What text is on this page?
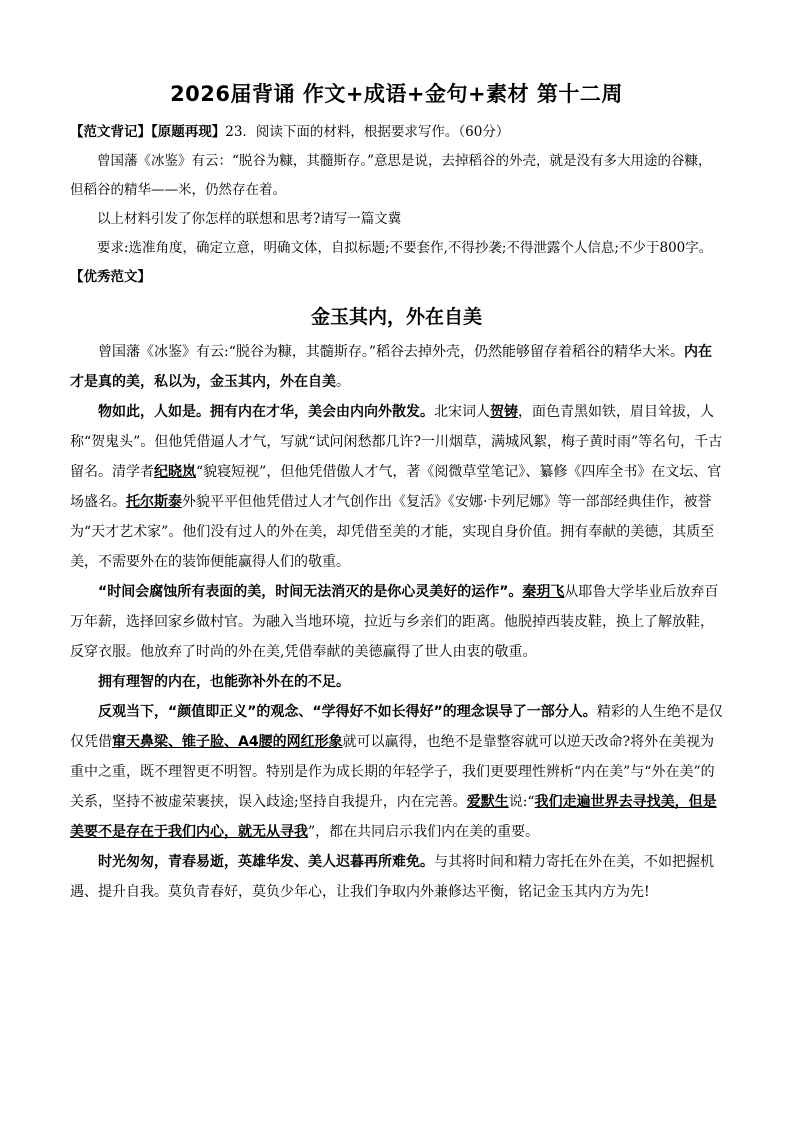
2026届背诵 作文+成语+金句+素材 第十二周

【范文背记】【原题再现】23．阅读下面的材料，根据要求写作。（60分）

曾国藩《冰鉴》有云：“脱谷为糠，其髓斯存。”意思是说，去掉稻谷的外壳，就是没有多大用途的谷糠，但稻谷的精华——米，仍然存在着。

以上材料引发了你怎样的联想和思考?请写一篇文冀

要求:选准角度，确定立意，明确文体，自拟标题;不要套作,不得抄袭;不得泄露个人信息;不少于800字。

【优秀范文】

金玉其内，外在自美

曾国藩《冰鉴》有云:“脱谷为糠，其髓斯存。”稻谷去掉外壳，仍然能够留存着稻谷的精华大米。内在才是真的美，私以为，金玉其内，外在自美。

物如此，人如是。拥有内在才华，美会由内向外散发。北宋词人贺铸，面色青黑如铁，眉目耸拔，人称“贺鬼头”。但他凭借逼人才气，写就“试问闲愁都几许?一川烟草，满城风絮，梅子黄时雨”等名句，千古留名。清学者纪晓岚“貌寝短视”，但他凭借傲人才气，著《阅微草堂笔记》、纂修《四库全书》在文坛、官场盛名。托尔斯泰外貌平平但他凭借过人才气创作出《复活》《安娜·卡列尼娜》等一部部经典佳作，被誉为“天才艺术家”。他们没有过人的外在美，却凭借至美的才能，实现自身价值。拥有奉献的美德，其质至美，不需要外在的装饰便能赢得人们的敬重。

“时间会腐蚀所有表面的美，时间无法消灭的是你心灵美好的运作”。秦玥飞从耶鲁大学毕业后放弃百万年薪，选择回家乡做村官。为融入当地环境，拉近与乡亲们的距离。他脱掉西装皮鞋，换上了解放鞋，反穿衣服。他放弃了时尚的外在美,凭借奉献的美德赢得了世人由衷的敬重。

拥有理智的内在，也能弥补外在的不足。

反观当下，“颜值即正义”的观念、“学得好不如长得好”的理念误导了一部分人。精彩的人生绝不是仅仅凭借窜天鼻梁、锥子脸、A4腰的网红形象就可以赢得，也绝不是靠整容就可以逆天改命?将外在美视为重中之重，既不理智更不明智。特别是作为成长期的年轻学子，我们更要理性辨析“内在美”与“外在美”的关系，坚持不被虚荣裹挟，误入歧途;坚持自我提升，内在完善。爱默生说:“我们走遍世界去寻找美，但是美要不是存在于我们内心，就无从寻我”，都在共同启示我们内在美的重要。

时光匆匆，青春易逝，英雄华发、美人迟暮再所难免。与其将时间和精力寄托在外在美，不如把握机遇、提升自我。莫负青春好，莫负少年心，让我们争取内外兼修达平衡，铭记金玉其内方为先!
